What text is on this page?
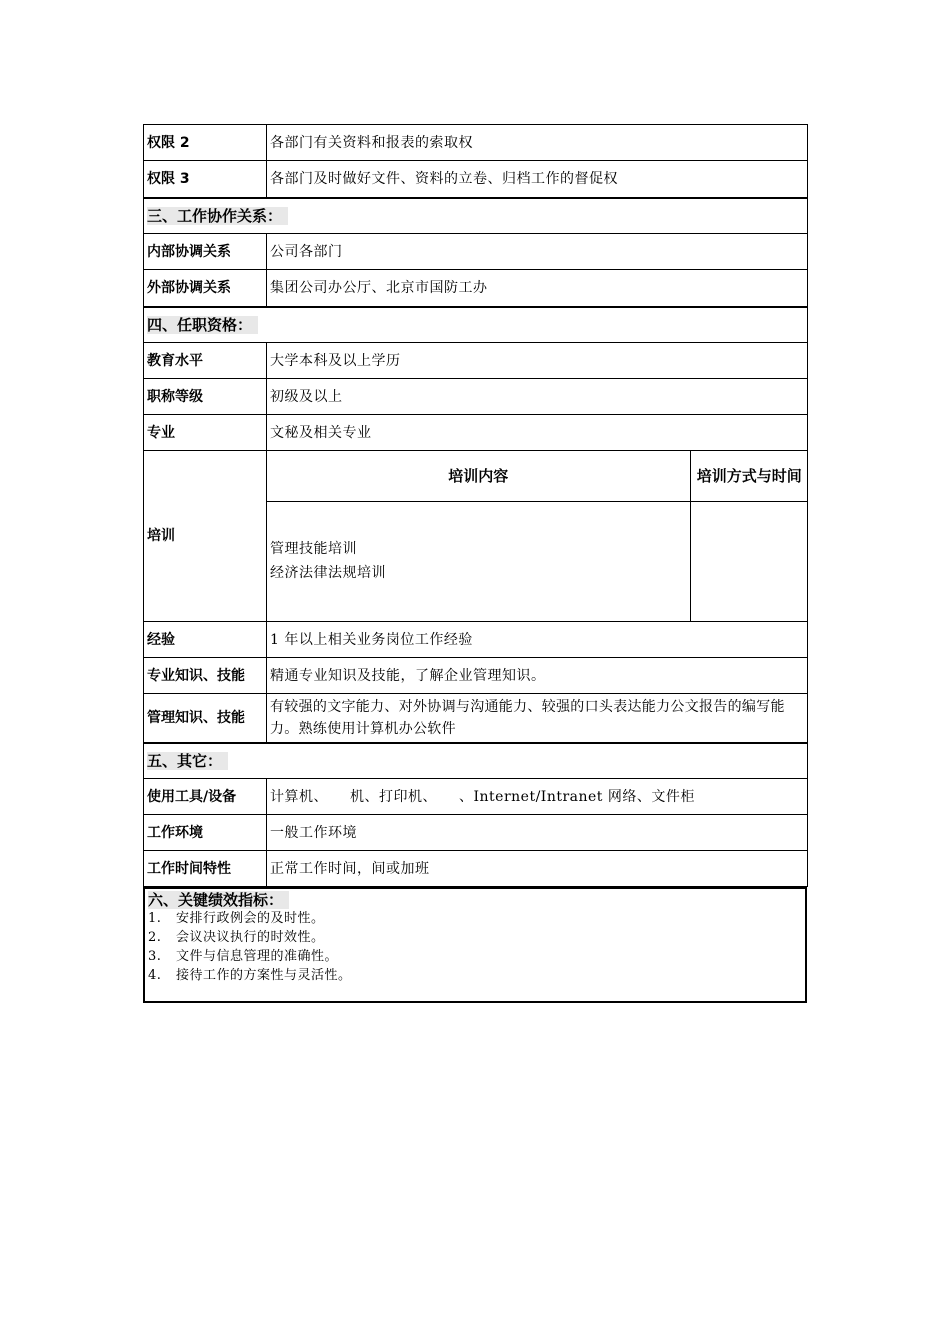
权限 2	各部门有关资料和报表的索取权
权限 3	各部门及时做好文件、资料的立卷、归档工作的督促权
三、工作协作关系：
内部协调关系	公司各部门
外部协调关系	集团公司办公厅、北京市国防工办
四、任职资格：
教育水平	大学本科及以上学历
职称等级	初级及以上
专业	文秘及相关专业
培训	
培训内容	培训方式与时间

管理技能培训
经济法律法规培训

经验	1 年以上相关业务岗位工作经验
专业知识、技能	精通专业知识及技能，了解企业管理知识。
管理知识、技能	有较强的文字能力、对外协调与沟通能力、较强的口头表达能力公文报告的编写能力。熟练使用计算机办公软件
五、其它：
使用工具/设备	计算机、　　机、打印机、　　、Internet/Intranet 网络、文件柜
工作环境	一般工作环境
工作时间特性	正常工作时间，间或加班
六、关键绩效指标：
1. 安排行政例会的及时性。
2. 会议决议执行的时效性。
3. 文件与信息管理的准确性。
4. 接待工作的方案性与灵活性。
